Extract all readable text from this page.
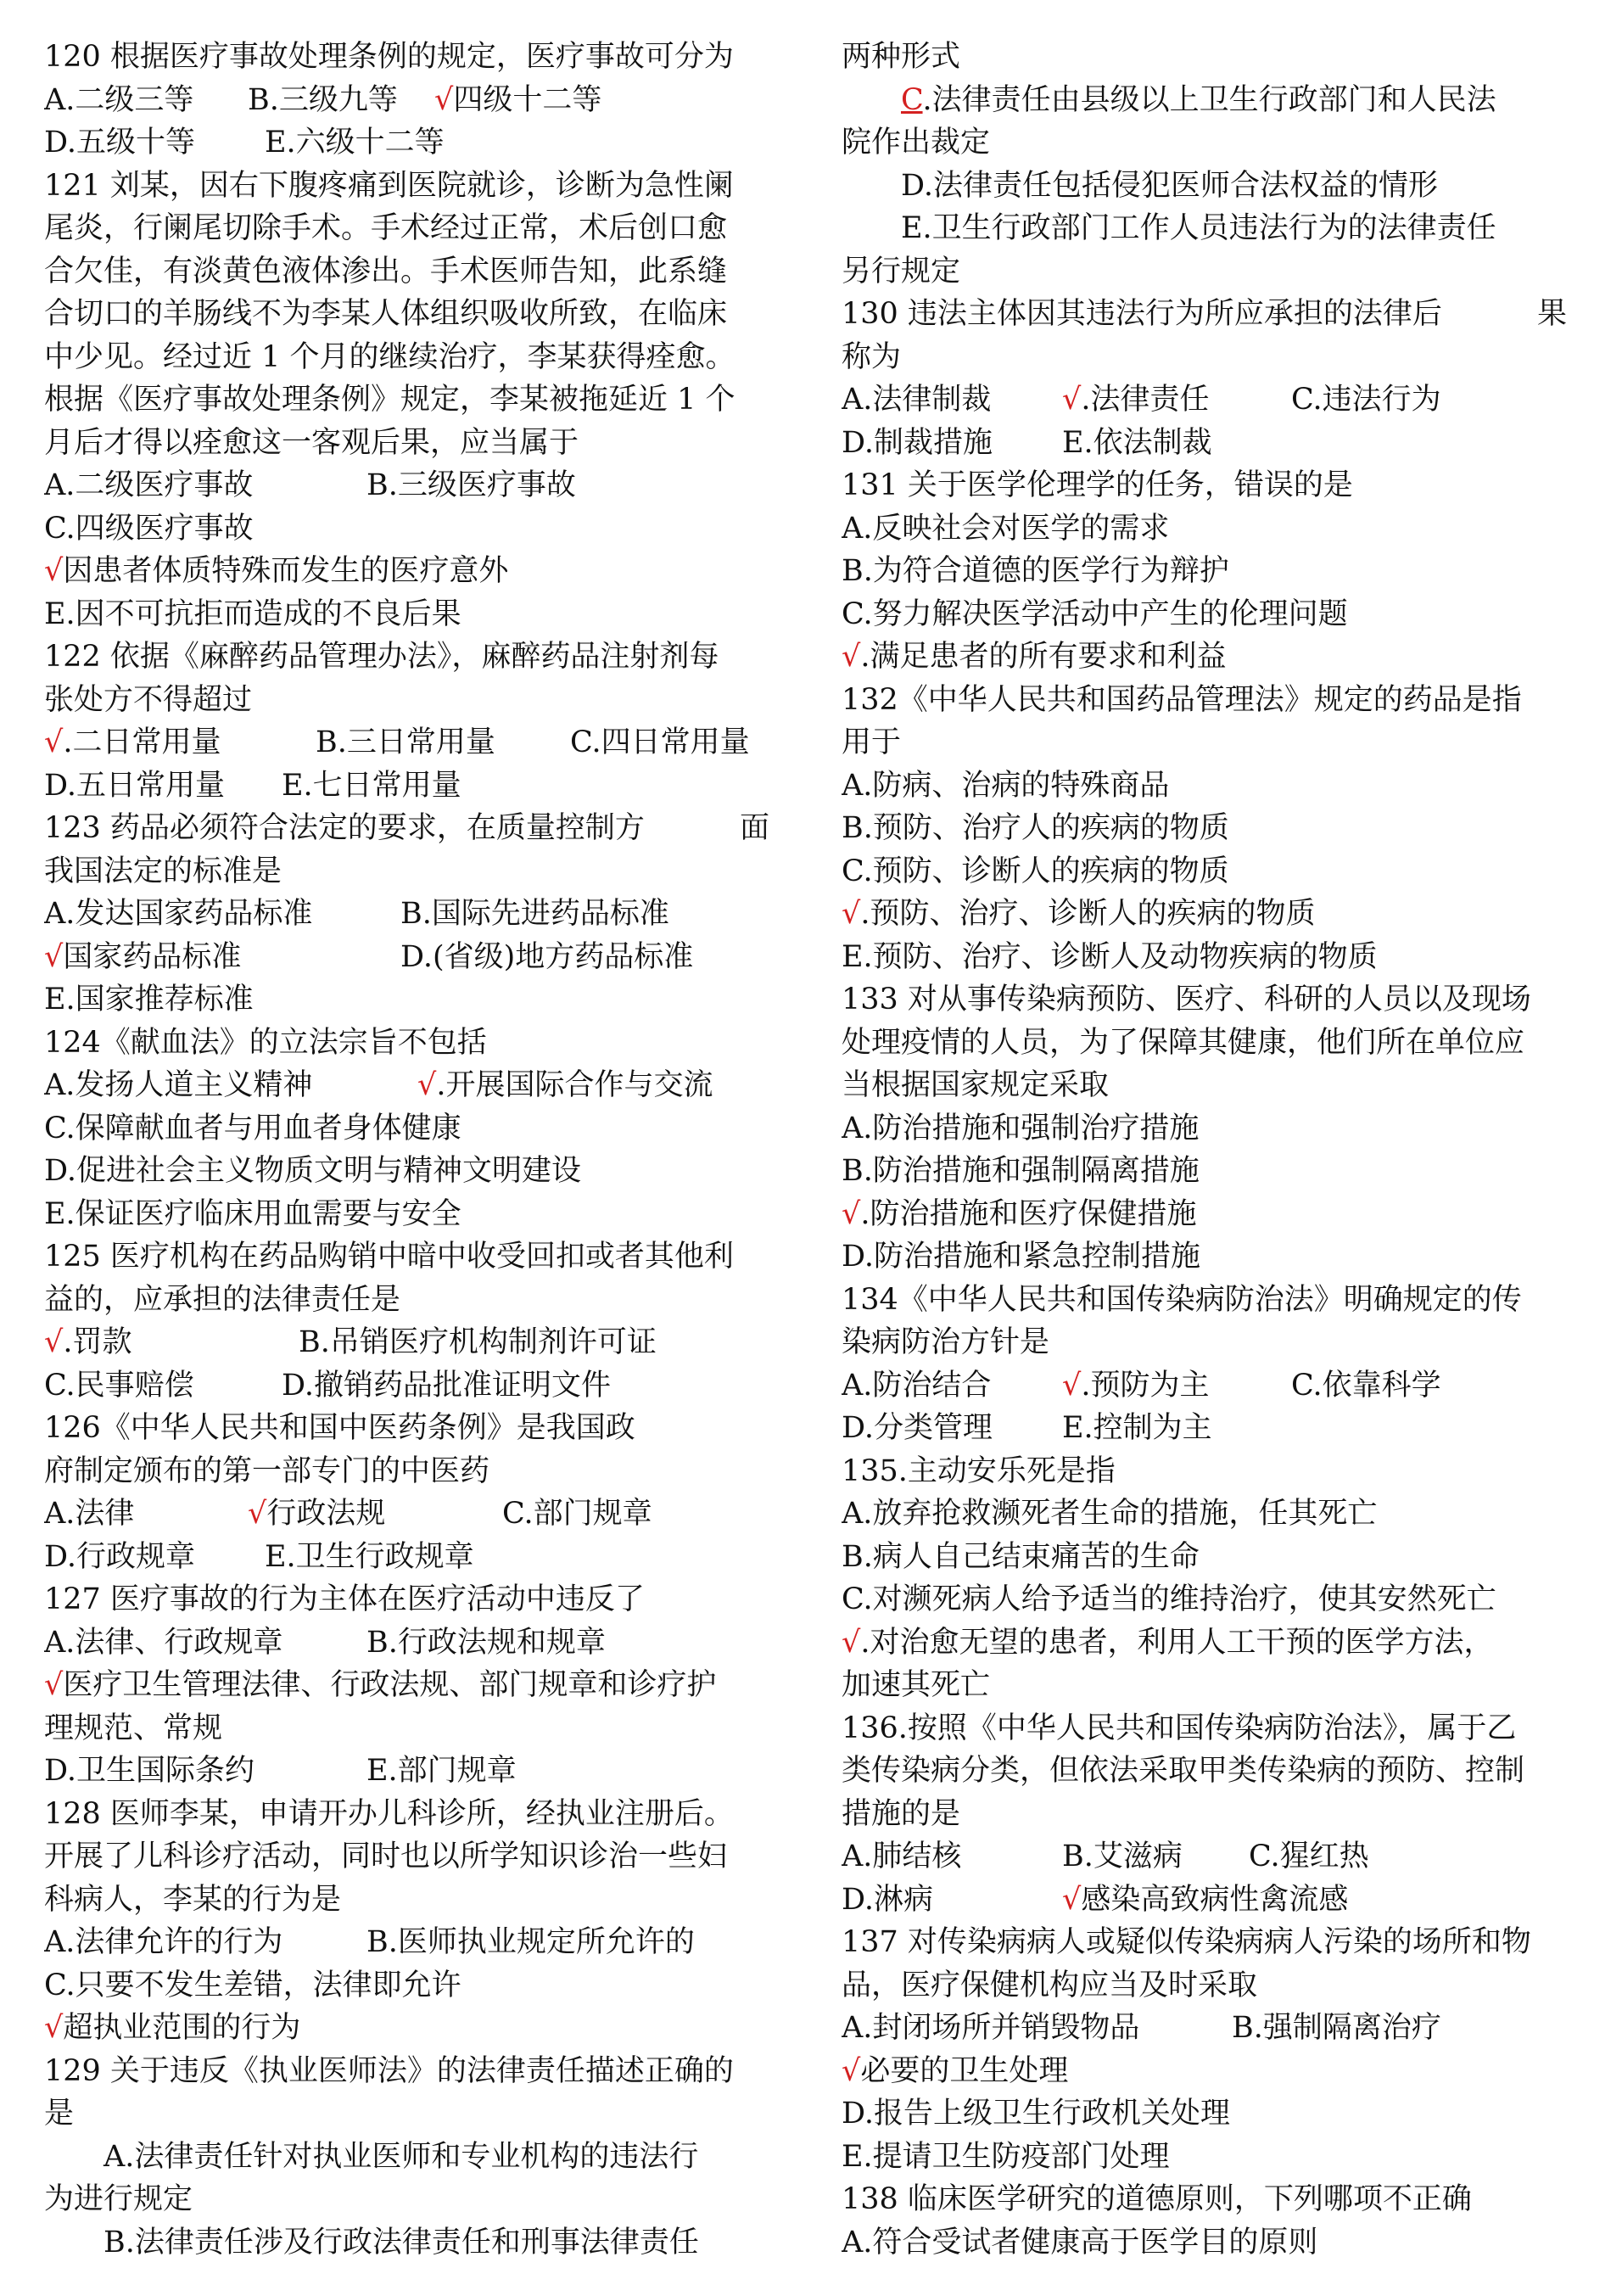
120 根据医疗事故处理条例的规定，医疗事故可分为
A.二级三等 B.三级九等 √四级十二等
D.五级十等 E.六级十二等
121 刘某，因右下腹疼痛到医院就诊，诊断为急性阑
尾炎，行阑尾切除手术。手术经过正常，术后创口愈
合欠佳，有淡黄色液体渗出。手术医师告知，此系缝
合切口的羊肠线不为李某人体组织吸收所致，在临床
中少见。经过近 1 个月的继续治疗，李某获得痊愈。
根据《医疗事故处理条例》规定，李某被拖延近 1 个
月后才得以痊愈这一客观后果，应当属于
A.二级医疗事故	B.三级医疗事故
C.四级医疗事故
√因患者体质特殊而发生的医疗意外
E.因不可抗拒而造成的不良后果
122 依据《麻醉药品管理办法》，麻醉药品注射剂每
张处方不得超过
√.二日常用量	B.三日常用量	C.四日常用量
D.五日常用量 E.七日常用量
123 药品必须符合法定的要求，在质量控制方	面
我国法定的标准是
A.发达国家药品标准	B.国际先进药品标准
√国家药品标准	D.(省级)地方药品标准
E.国家推荐标准
124《献血法》的立法宗旨不包括
A.发扬人道主义精神	√.开展国际合作与交流
C.保障献血者与用血者身体健康
D.促进社会主义物质文明与精神文明建设
E.保证医疗临床用血需要与安全
125 医疗机构在药品购销中暗中收受回扣或者其他利
益的，应承担的法律责任是
√.罚款	B.吊销医疗机构制剂许可证
C.民事赔偿	D.撤销药品批准证明文件
126《中华人民共和国中医药条例》是我国政
府制定颁布的第一部专门的中医药
A.法律	√行政法规	C.部门规章
D.行政规章 E.卫生行政规章
127 医疗事故的行为主体在医疗活动中违反了
A.法律、行政规章	B.行政法规和规章
√医疗卫生管理法律、行政法规、部门规章和诊疗护
理规范、常规
D.卫生国际条约	E.部门规章
128 医师李某，申请开办儿科诊所，经执业注册后。
开展了儿科诊疗活动，同时也以所学知识诊治一些妇
科病人，李某的行为是
A.法律允许的行为	B.医师执业规定所允许的
C.只要不发生差错，法律即允许
√超执业范围的行为
129 关于违反《执业医师法》的法律责任描述正确的
是
A.法律责任针对执业医师和专业机构的违法行
为进行规定
B.法律责任涉及行政法律责任和刑事法律责任
两种形式
C.法律责任由县级以上卫生行政部门和人民法
院作出裁定
D.法律责任包括侵犯医师合法权益的情形
E.卫生行政部门工作人员违法行为的法律责任
另行规定
130 违法主体因其违法行为所应承担的法律后	果
称为
A.法律制裁 √.法律责任	C.违法行为
D.制裁措施 E.依法制裁
131 关于医学伦理学的任务，错误的是
A.反映社会对医学的需求
B.为符合道德的医学行为辩护
C.努力解决医学活动中产生的伦理问题
√.满足患者的所有要求和利益
132《中华人民共和国药品管理法》规定的药品是指
用于
A.防病、治病的特殊商品
B.预防、治疗人的疾病的物质
C.预防、诊断人的疾病的物质
√.预防、治疗、诊断人的疾病的物质
E.预防、治疗、诊断人及动物疾病的物质
133 对从事传染病预防、医疗、科研的人员以及现场
处理疫情的人员，为了保障其健康，他们所在单位应
当根据国家规定采取
A.防治措施和强制治疗措施
B.防治措施和强制隔离措施
√.防治措施和医疗保健措施
D.防治措施和紧急控制措施
134《中华人民共和国传染病防治法》明确规定的传
染病防治方针是
A.防治结合 √.预防为主	C.依靠科学
D.分类管理 E.控制为主
135.主动安乐死是指
A.放弃抢救濒死者生命的措施，任其死亡
B.病人自己结束痛苦的生命
C.对濒死病人给予适当的维持治疗，使其安然死亡
√.对治愈无望的患者，利用人工干预的医学方法，
加速其死亡
136.按照《中华人民共和国传染病防治法》，属于乙
类传染病分类，但依法采取甲类传染病的预防、控制
措施的是
A.肺结核	B.艾滋病 C.猩红热
D.淋病	√感染高致病性禽流感
137 对传染病病人或疑似传染病病人污染的场所和物
品，医疗保健机构应当及时采取
A.封闭场所并销毁物品	B.强制隔离治疗
√必要的卫生处理
D.报告上级卫生行政机关处理
E.提请卫生防疫部门处理
138 临床医学研究的道德原则，下列哪项不正确
A.符合受试者健康高于医学目的原则
